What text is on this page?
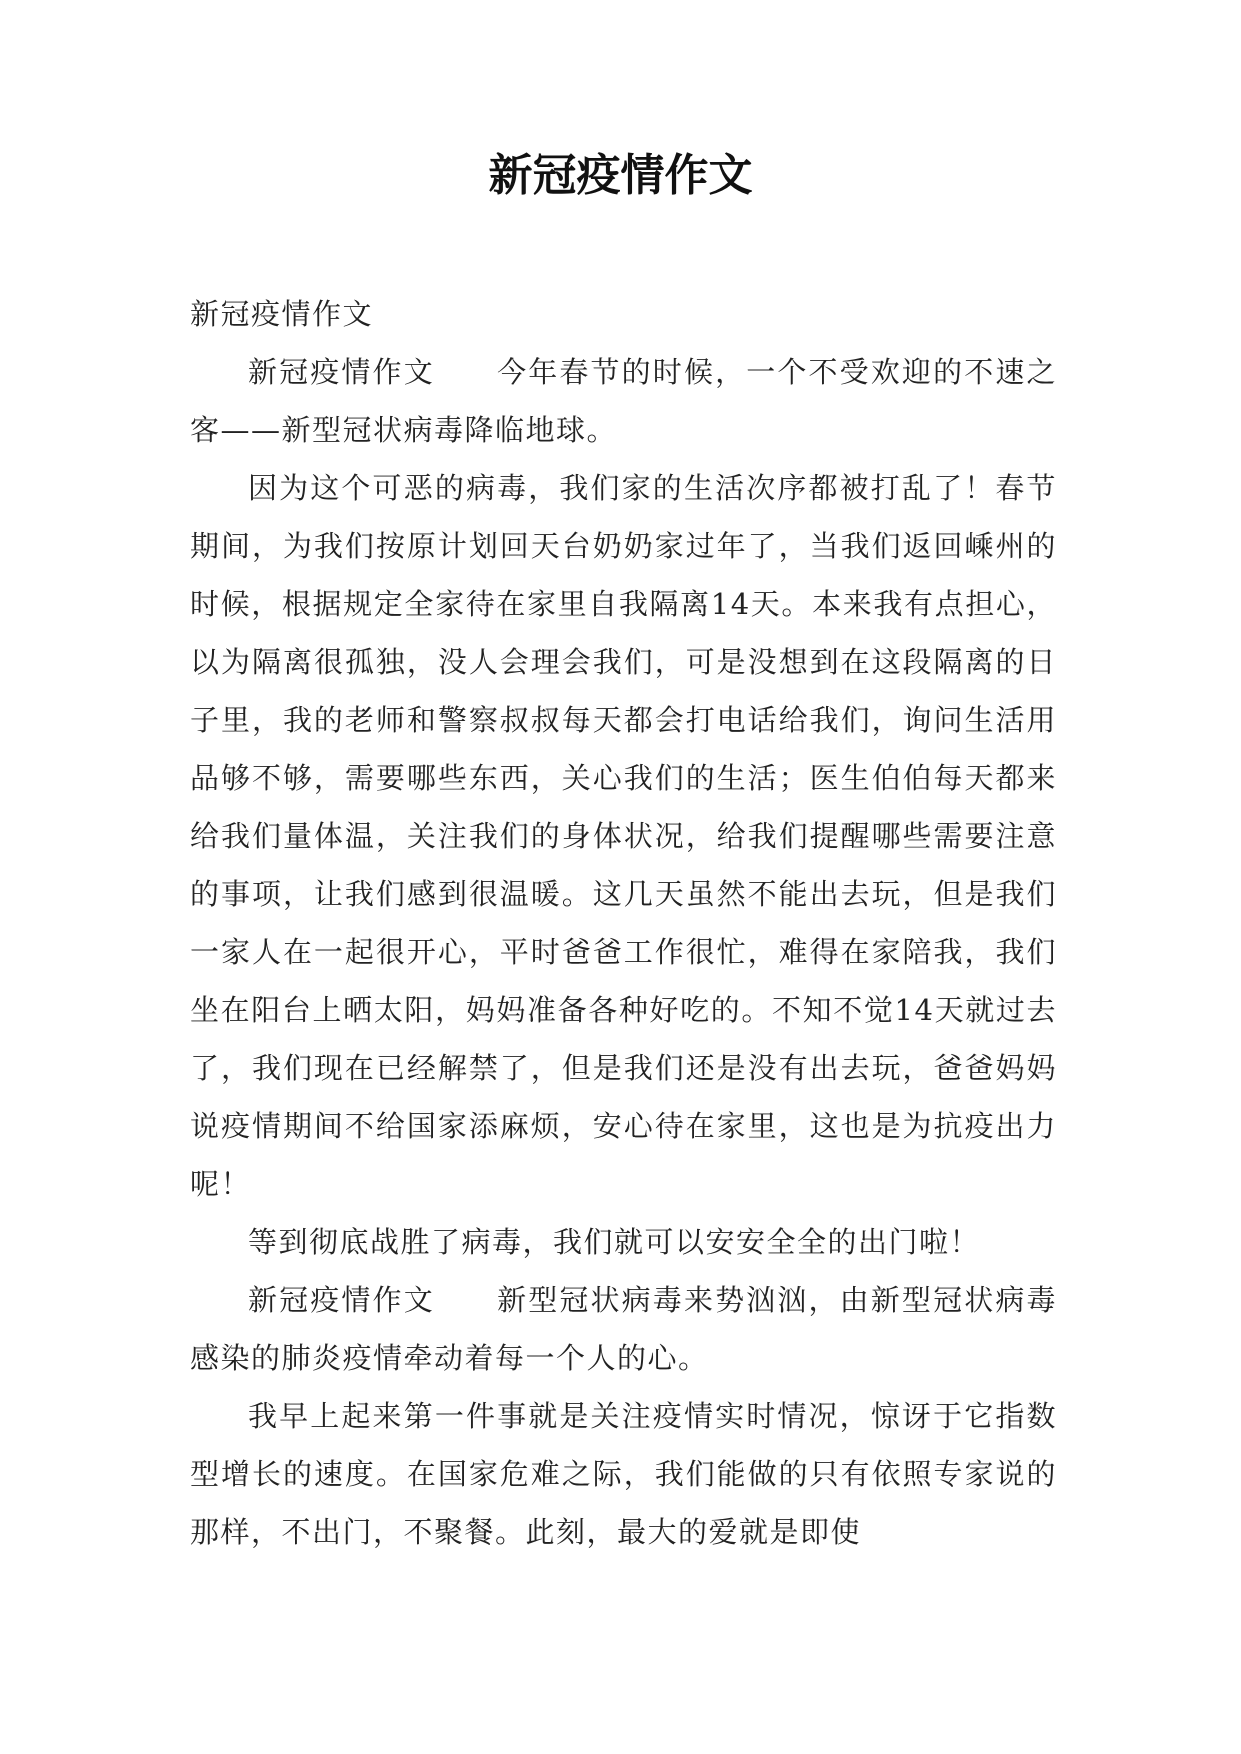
新冠疫情作文

新冠疫情作文

新冠疫情作文　　今年春节的时候，一个不受欢迎的不速之客——新型冠状病毒降临地球。

因为这个可恶的病毒，我们家的生活次序都被打乱了！春节期间，为我们按原计划回天台奶奶家过年了，当我们返回嵊州的时候，根据规定全家待在家里自我隔离14天。本来我有点担心，以为隔离很孤独，没人会理会我们，可是没想到在这段隔离的日子里，我的老师和警察叔叔每天都会打电话给我们，询问生活用品够不够，需要哪些东西，关心我们的生活；医生伯伯每天都来给我们量体温，关注我们的身体状况，给我们提醒哪些需要注意的事项，让我们感到很温暖。这几天虽然不能出去玩，但是我们一家人在一起很开心，平时爸爸工作很忙，难得在家陪我，我们坐在阳台上晒太阳，妈妈准备各种好吃的。不知不觉14天就过去了，我们现在已经解禁了，但是我们还是没有出去玩，爸爸妈妈说疫情期间不给国家添麻烦，安心待在家里，这也是为抗疫出力呢！

等到彻底战胜了病毒，我们就可以安安全全的出门啦！

新冠疫情作文　　新型冠状病毒来势汹汹，由新型冠状病毒感染的肺炎疫情牵动着每一个人的心。

我早上起来第一件事就是关注疫情实时情况，惊讶于它指数型增长的速度。在国家危难之际，我们能做的只有依照专家说的那样，不出门，不聚餐。此刻，最大的爱就是即使
